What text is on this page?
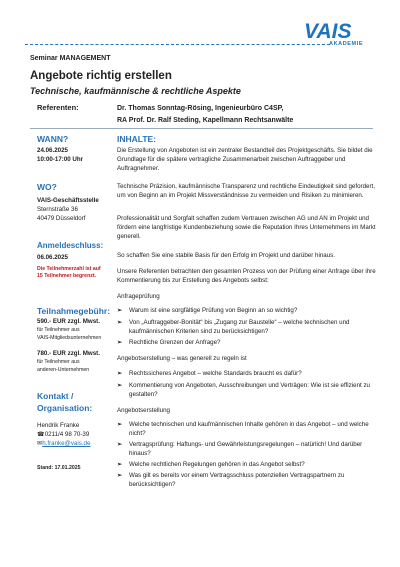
VAIS
AKADEMIE
Seminar MANAGEMENT
Angebote richtig erstellen
Technische, kaufmännische & rechtliche Aspekte
Referenten:	Dr. Thomas Sonntag-Rösing, Ingenieurbüro C4SP,
RA Prof. Dr. Ralf Steding, Kapellmann Rechtsanwälte
WANN?
24.06.2025
10:00-17:00 Uhr
WO?
VAIS-Geschäftsstelle
Sternstraße 36
40479 Düsseldorf
Anmeldeschluss:
06.06.2025
Die Teilnehmerzahl ist auf
15 Teilnehmer begrenzt.
Teilnahmegebühr:
590.- EUR zzgl. Mwst.
für Teilnehmer aus
VAIS-Mitgliedsunternehmen
780.- EUR zzgl. Mwst.
für Teilnehmer aus
anderen-Unternehmen
Kontakt /
Organisation:
Hendrik Franke
☎0211/4 98 70-39
✉h.franke@vais.de
Stand: 17.01.2025
INHALTE:
Die Erstellung von Angeboten ist ein zentraler Bestandteil des Projektgeschäfts. Sie bildet die Grundlage für die spätere vertragliche Zusammenarbeit zwischen Auftraggeber und Auftragnehmer.
Technische Präzision, kaufmännische Transparenz und rechtliche Eindeutigkeit sind gefordert, um von Beginn an im Projekt Missverständnisse zu vermeiden und Risiken zu minimieren.
Professionalität und Sorgfalt schaffen zudem Vertrauen zwischen AG und AN im Projekt und fördern eine langfristige Kundenbeziehung sowie die Reputation Ihres Unternehmens im Markt generell.
So schaffen Sie eine stabile Basis für den Erfolg im Projekt und darüber hinaus.
Unsere Referenten betrachten den gesamten Prozess von der Prüfung einer Anfrage über ihre Kommentierung bis zur Erstellung des Angebots selbst:
Anfrageprüfung
➢ Warum ist eine sorgfältige Prüfung von Beginn an so wichtig?
➢ Von „Auftraggeber-Bonität“ bis „Zugang zur Baustelle“ – welche technischen und kaufmännischen Kriterien sind zu berücksichtigen?
➢ Rechtliche Grenzen der Anfrage?
Angebotserstellung – was generell zu regeln ist
➢ Rechtssicheres Angebot – welche Standards braucht es dafür?
➢ Kommentierung von Angeboten, Ausschreibungen und Verträgen: Wie ist sie effizient zu gestalten?
Angebotserstellung
➢ Welche technischen und kaufmännischen Inhalte gehören in das Angebot – und welche nicht?
➢ Vertragsprüfung: Haftungs- und Gewährleistungsregelungen – natürlich! Und darüber hinaus?
➢ Welche rechtlichen Regelungen gehören in das Angebot selbst?
➢ Was gilt es bereits vor einem Vertragsschluss potenziellen Vertragspartnern zu berücksichtigen?
